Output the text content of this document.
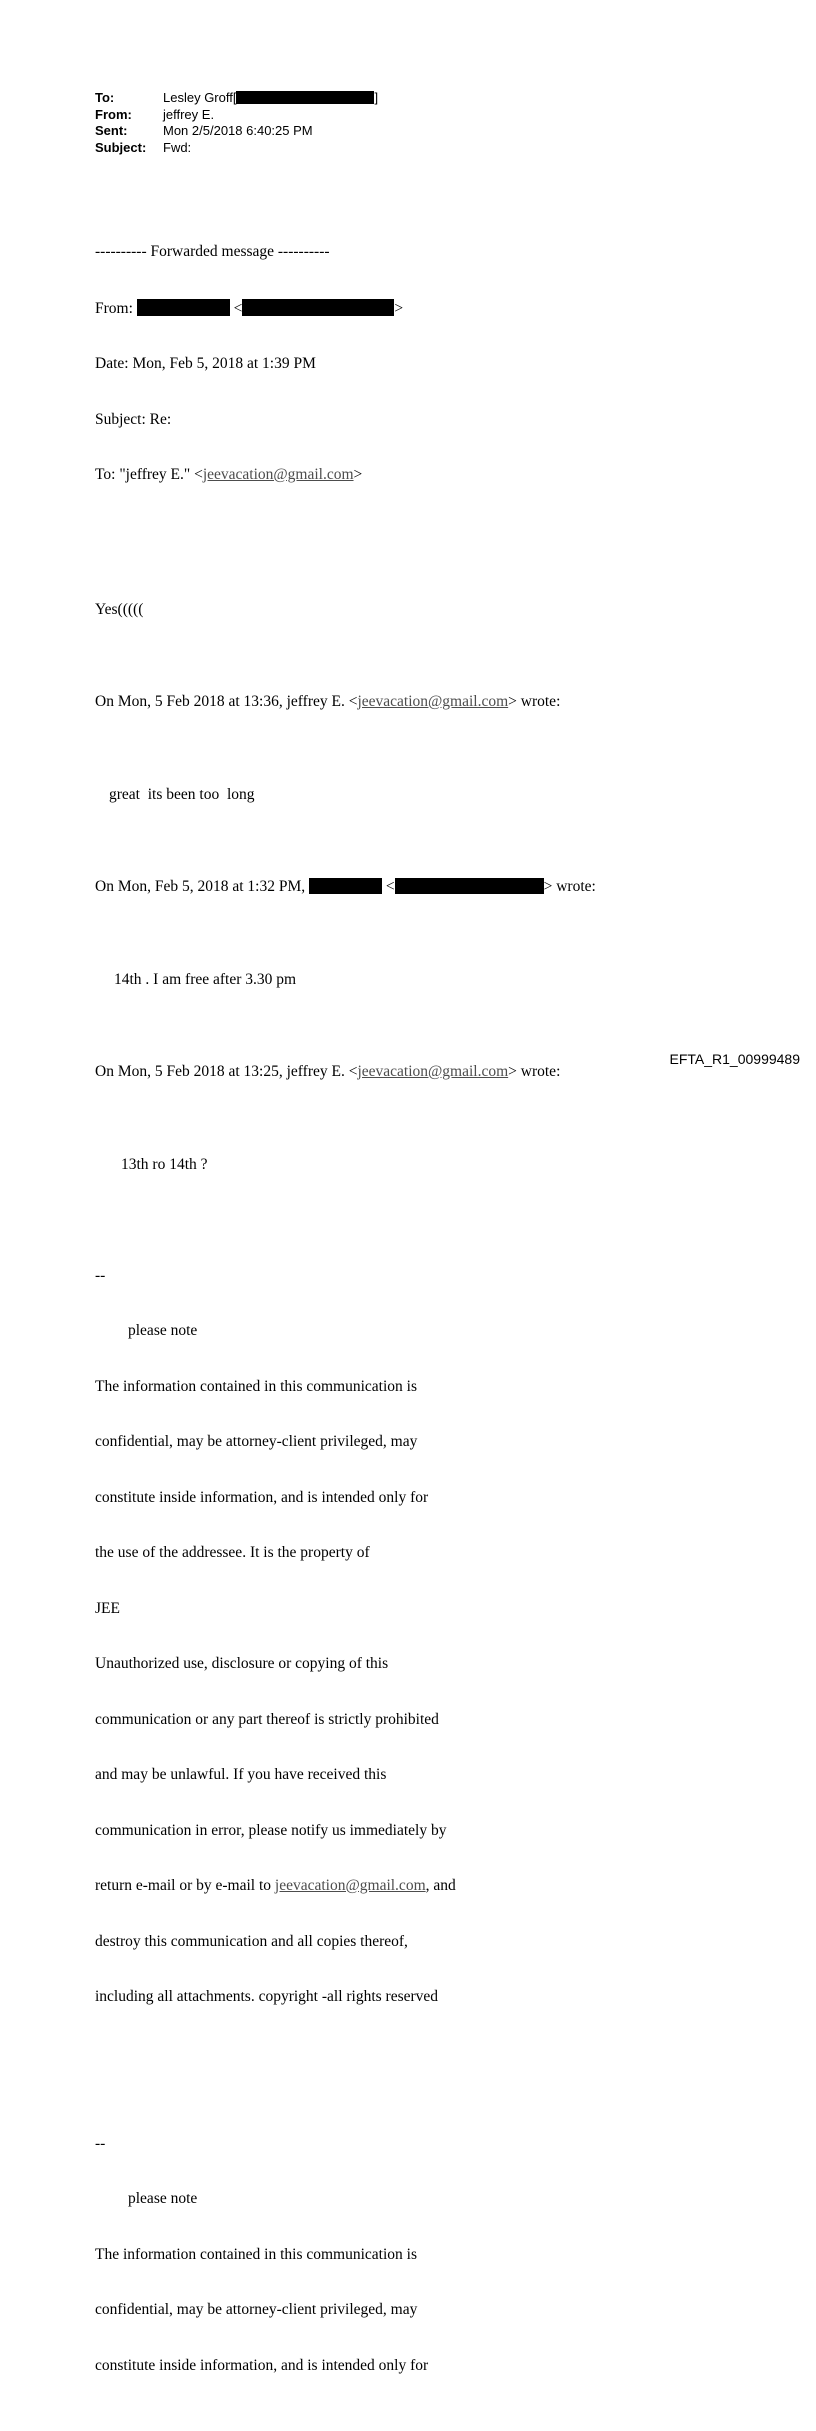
To:	Lesley Groff[	]
From:	jeffrey E.
Sent:	Mon 2/5/2018 6:40:25 PM
Subject:	Fwd:

---------- Forwarded message ----------

From:	<	>

Date: Mon, Feb 5, 2018 at 1:39 PM

Subject: Re:

To: "jeffrey E." <jeevacation@gmail.com>

Yes(((((

On Mon, 5 Feb 2018 at 13:36, jeffrey E. <jeevacation@gmail.com> wrote:

great  its been too  long

On Mon, Feb 5, 2018 at 1:32 PM,	<	> wrote:

14th . I am free after 3.30 pm

On Mon, 5 Feb 2018 at 13:25, jeffrey E. <jeevacation@gmail.com> wrote:

13th ro 14th ?

--

please note

The information contained in this communication is

confidential, may be attorney-client privileged, may

constitute inside information, and is intended only for

the use of the addressee. It is the property of

JEE

Unauthorized use, disclosure or copying of this

communication or any part thereof is strictly prohibited

and may be unlawful. If you have received this

communication in error, please notify us immediately by

return e-mail or by e-mail to jeevacation@gmail.com, and

destroy this communication and all copies thereof,

including all attachments. copyright -all rights reserved

--

please note

The information contained in this communication is

confidential, may be attorney-client privileged, may

constitute inside information, and is intended only for

EFTA_R1_00999489
